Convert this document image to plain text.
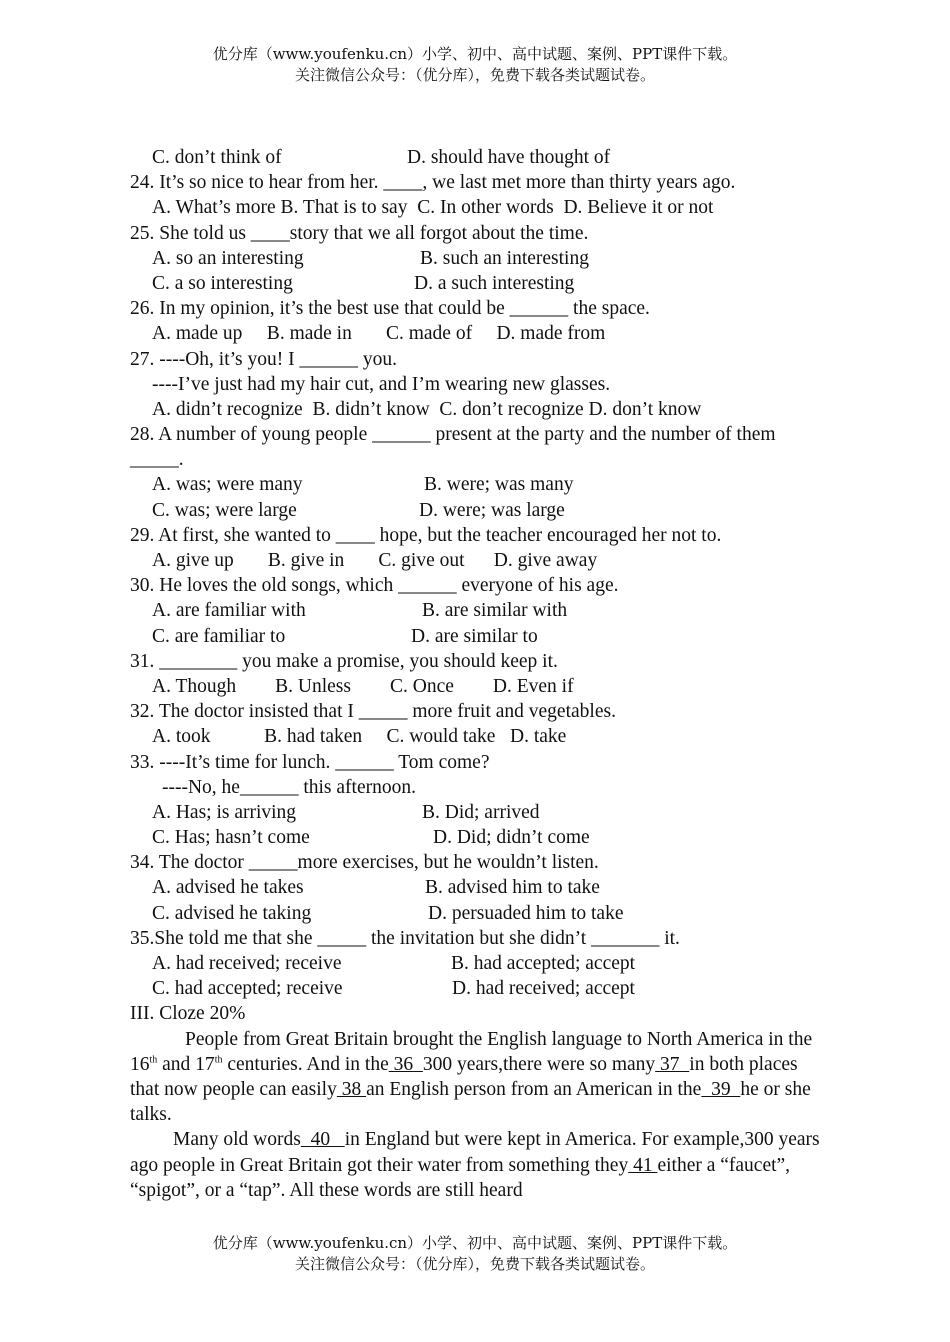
优分库（www.youfenku.cn）小学、初中、高中试题、案例、PPT课件下载。
关注微信公众号：（优分库），免费下载各类试题试卷。
C. don’t think of	D. should have thought of
24. It’s so nice to hear from her. ____, we last met more than thirty years ago.
A. What’s more B. That is to say  C. In other words  D. Believe it or not
25. She told us ____story that we all forgot about the time.
A. so an interesting	B. such an interesting
C. a so interesting	D. a such interesting
26. In my opinion, it’s the best use that could be ______ the space.
A. made up     B. made in       C. made of     D. made from
27. ----Oh, it’s you! I ______ you.
----I’ve just had my hair cut, and I’m wearing new glasses.
A. didn’t recognize  B. didn’t know  C. don’t recognize D. don’t know
28. A number of young people ______ present at the party and the number of them _____.
A. was; were many	B. were; was many
C. was; were large	D. were; was large
29. At first, she wanted to ____ hope, but the teacher encouraged her not to.
A. give up       B. give in       C. give out      D. give away
30. He loves the old songs, which ______ everyone of his age.
A. are familiar with	B. are similar with
C. are familiar to	D. are similar to
31. ________ you make a promise, you should keep it.
A. Though        B. Unless        C. Once        D. Even if
32. The doctor insisted that I _____ more fruit and vegetables.
A. took           B. had taken     C. would take   D. take
33. ----It’s time for lunch. ______ Tom come?
----No, he______ this afternoon.
A. Has; is arriving	B. Did; arrived
C. Has; hasn’t come	D. Did; didn’t come
34. The doctor _____more exercises, but he wouldn’t listen.
A. advised he takes	B. advised him to take
C. advised he taking	D. persuaded him to take
35.She told me that she _____ the invitation but she didn’t _______ it.
A. had received; receive	B. had accepted; accept
C. had accepted; receive	D. had received; accept
III. Cloze 20%
People from Great Britain brought the English language to North America in the 16th and 17th centuries. And in the 36  300 years,there were so many 37  in both places that now people can easily 38 an English person from an American in the  39  he or she talks.
Many old words  40   in England but were kept in America. For example,300 years ago people in Great Britain got their water from something they 41 either a “faucet”, “spigot”, or a “tap”. All these words are still heard
优分库（www.youfenku.cn）小学、初中、高中试题、案例、PPT课件下载。
关注微信公众号：（优分库），免费下载各类试题试卷。
